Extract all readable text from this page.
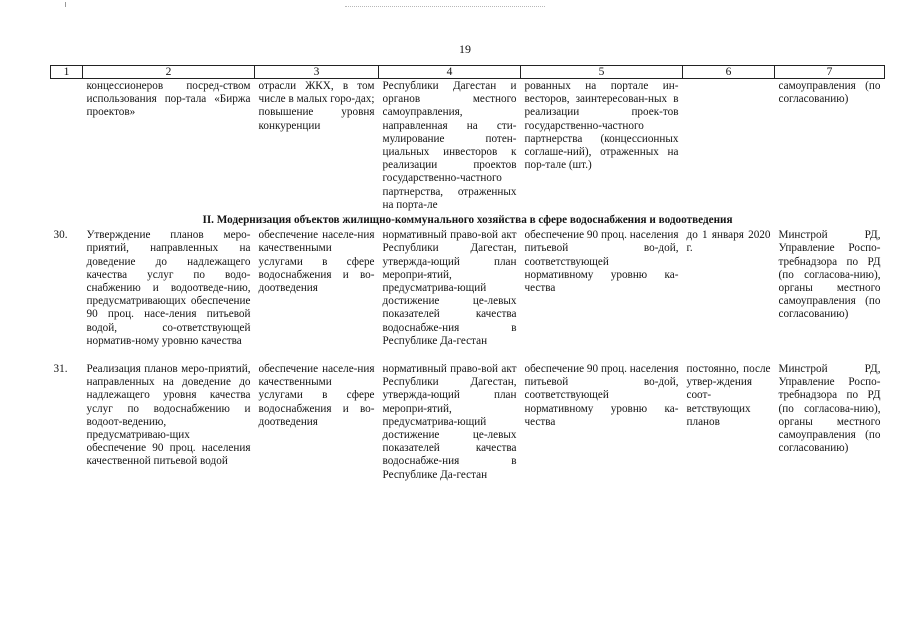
19
1	2	3	4	5	6	7
	концессионеров посред-ством использования пор-тала «Биржа проектов»	отрасли ЖКХ, в том числе в малых горо-дах; повышение уровня конкуренции	Республики Дагестан и органов местного самоуправления, направленная на сти-мулирование потен-циальных инвесторов к реализации проектов государственно-частного партнерства, отраженных на порта-ле	рованных на портале ин-весторов, заинтересован-ных в реализации проек-тов государственно-частного партнерства (концессионных соглаше-ний), отраженных на пор-тале (шт.)		самоуправления (по согласованию)
II. Модернизация объектов жилищно-коммунального хозяйства в сфере водоснабжения и водоотведения						
30.	Утверждение планов меро-приятий, направленных на доведение до надлежащего качества услуг по водо-снабжению и водоотведе-нию, предусматривающих обеспечение 90 проц. насе-ления питьевой водой, со-ответствующей норматив-ному уровню качества	обеспечение населе-ния качественными услугами в сфере водоснабжения и во-доотведения	нормативный право-вой акт Республики Дагестан, утвержда-ющий план меропри-ятий, предусматрива-ющий достижение це-левых показателей качества водоснабже-ния в Республике Да-гестан	обеспечение 90 проц. населения питьевой во-дой, соответствующей нормативному уровню ка-чества	до 1 января 2020 г.	Минстрой РД, Управление Роспо-требнадзора по РД (по согласова-нию), органы местного самоуправления (по согласованию)
31.	Реализация планов меро-приятий, направленных на доведение до надлежащего уровня качества услуг по водоснабжению и водоот-ведению, предусматриваю-щих обеспечение 90 проц. населения качественной питьевой водой	обеспечение населе-ния качественными услугами в сфере водоснабжения и во-доотведения	нормативный право-вой акт Республики Дагестан, утвержда-ющий план меропри-ятий, предусматрива-ющий достижение це-левых показателей качества водоснабже-ния в Республике Да-гестан	обеспечение 90 проц. населения питьевой во-дой, соответствующей нормативному уровню ка-чества	постоянно, после утвер-ждения соот-ветствующих планов	Минстрой РД, Управление Роспо-требнадзора по РД (по согласова-нию), органы местного самоуправления (по согласованию)
